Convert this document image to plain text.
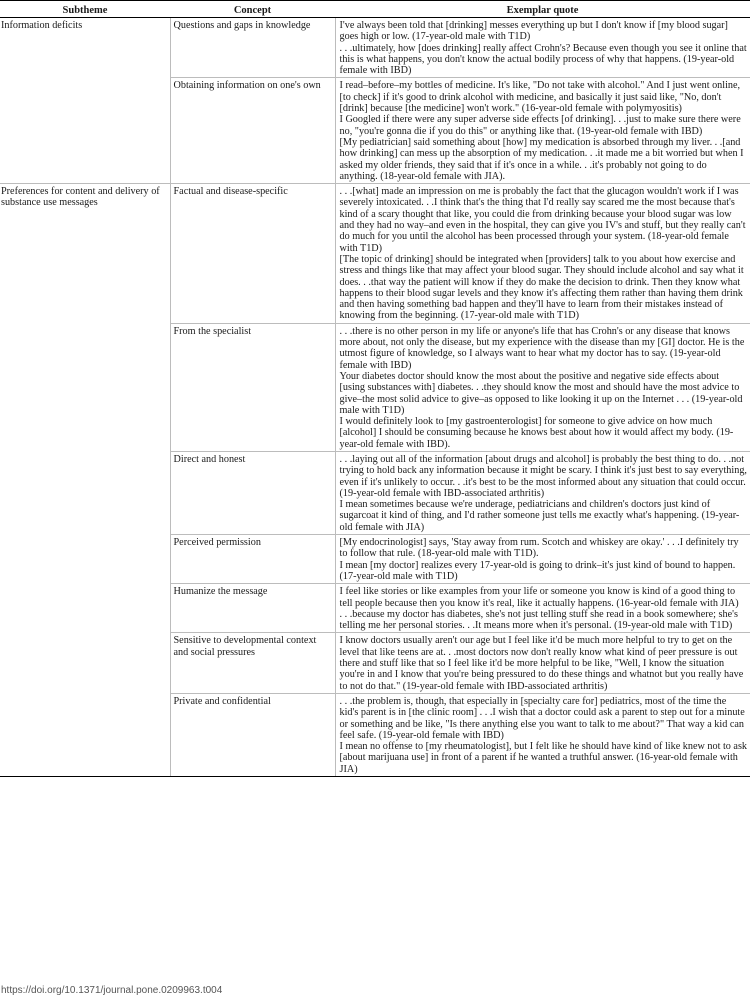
Subtheme	Concept	Exemplar quote
Information deficits	Questions and gaps in knowledge	I've always been told that [drinking] messes everything up but I don't know if [my blood sugar] goes high or low. (17-year-old male with T1D)
. . .ultimately, how [does drinking] really affect Crohn's? Because even though you see it online that this is what happens, you don't know the actual bodily process of why that happens. (19-year-old female with IBD)

	Obtaining information on one's own	I read–before–my bottles of medicine. It's like, "Do not take with alcohol." And I just went online, [to check] if it's good to drink alcohol with medicine, and basically it just said like, "No, don't [drink] because [the medicine] won't work." (16-year-old female with polymyositis)
I Googled if there were any super adverse side effects [of drinking]. . .just to make sure there were no, "you're gonna die if you do this" or anything like that. (19-year-old female with IBD)
[My pediatrician] said something about [how] my medication is absorbed through my liver. . .[and how drinking] can mess up the absorption of my medication. . .it made me a bit worried but when I asked my older friends, they said that if it's once in a while. . .it's probably not going to do anything. (18-year-old female with JIA).

Preferences for content and delivery of substance use messages	Factual and disease-specific	. . .[what] made an impression on me is probably the fact that the glucagon wouldn't work if I was severely intoxicated. . .I think that's the thing that I'd really say scared me the most because that's kind of a scary thought that like, you could die from drinking because your blood sugar was low and they had no way–and even in the hospital, they can give you IV's and stuff, but they really can't do much for you until the alcohol has been processed through your system. (18-year-old female with T1D)
[The topic of drinking] should be integrated when [providers] talk to you about how exercise and stress and things like that may affect your blood sugar. They should include alcohol and say what it does. . .that way the patient will know if they do make the decision to drink. Then they know what happens to their blood sugar levels and they know it's affecting them rather than having them drink and then having something bad happen and they'll have to learn from their mistakes instead of knowing from the beginning. (17-year-old male with T1D)

	From the specialist	. . .there is no other person in my life or anyone's life that has Crohn's or any disease that knows more about, not only the disease, but my experience with the disease than my [GI] doctor. He is the utmost figure of knowledge, so I always want to hear what my doctor has to say. (19-year-old female with IBD)
Your diabetes doctor should know the most about the positive and negative side effects about [using substances with] diabetes. . .they should know the most and should have the most advice to give–the most solid advice to give–as opposed to like looking it up on the Internet . . . (19-year-old male with T1D)
I would definitely look to [my gastroenterologist] for someone to give advice on how much [alcohol] I should be consuming because he knows best about how it would affect my body. (19-year-old female with IBD).

	Direct and honest	. . .laying out all of the information [about drugs and alcohol] is probably the best thing to do. . .not trying to hold back any information because it might be scary. I think it's just best to say everything, even if it's unlikely to occur. . .it's best to be the most informed about any situation that could occur. (19-year-old female with IBD-associated arthritis)
I mean sometimes because we're underage, pediatricians and children's doctors just kind of sugarcoat it kind of thing, and I'd rather someone just tells me exactly what's happening. (19-year-old female with JIA)

	Perceived permission	[My endocrinologist] says, 'Stay away from rum. Scotch and whiskey are okay.' . . .I definitely try to follow that rule. (18-year-old male with T1D).
I mean [my doctor] realizes every 17-year-old is going to drink–it's just kind of bound to happen. (17-year-old male with T1D)

	Humanize the message	I feel like stories or like examples from your life or someone you know is kind of a good thing to tell people because then you know it's real, like it actually happens. (16-year-old female with JIA)
. . .because my doctor has diabetes, she's not just telling stuff she read in a book somewhere; she's telling me her personal stories. . .It means more when it's personal. (19-year-old male with T1D)

	Sensitive to developmental context and social pressures	I know doctors usually aren't our age but I feel like it'd be much more helpful to try to get on the level that like teens are at. . .most doctors now don't really know what kind of peer pressure is out there and stuff like that so I feel like it'd be more helpful to be like, "Well, I know the situation you're in and I know that you're being pressured to do these things and whatnot but you really have to not do that." (19-year-old female with IBD-associated arthritis)

	Private and confidential	. . .the problem is, though, that especially in [specialty care for] pediatrics, most of the time the kid's parent is in [the clinic room] . . .I wish that a doctor could ask a parent to step out for a minute or something and be like, "Is there anything else you want to talk to me about?" That way a kid can feel safe. (19-year-old female with IBD)
I mean no offense to [my rheumatologist], but I felt like he should have kind of like knew not to ask [about marijuana use] in front of a parent if he wanted a truthful answer. (16-year-old female with JIA)
https://doi.org/10.1371/journal.pone.0209963.t004
